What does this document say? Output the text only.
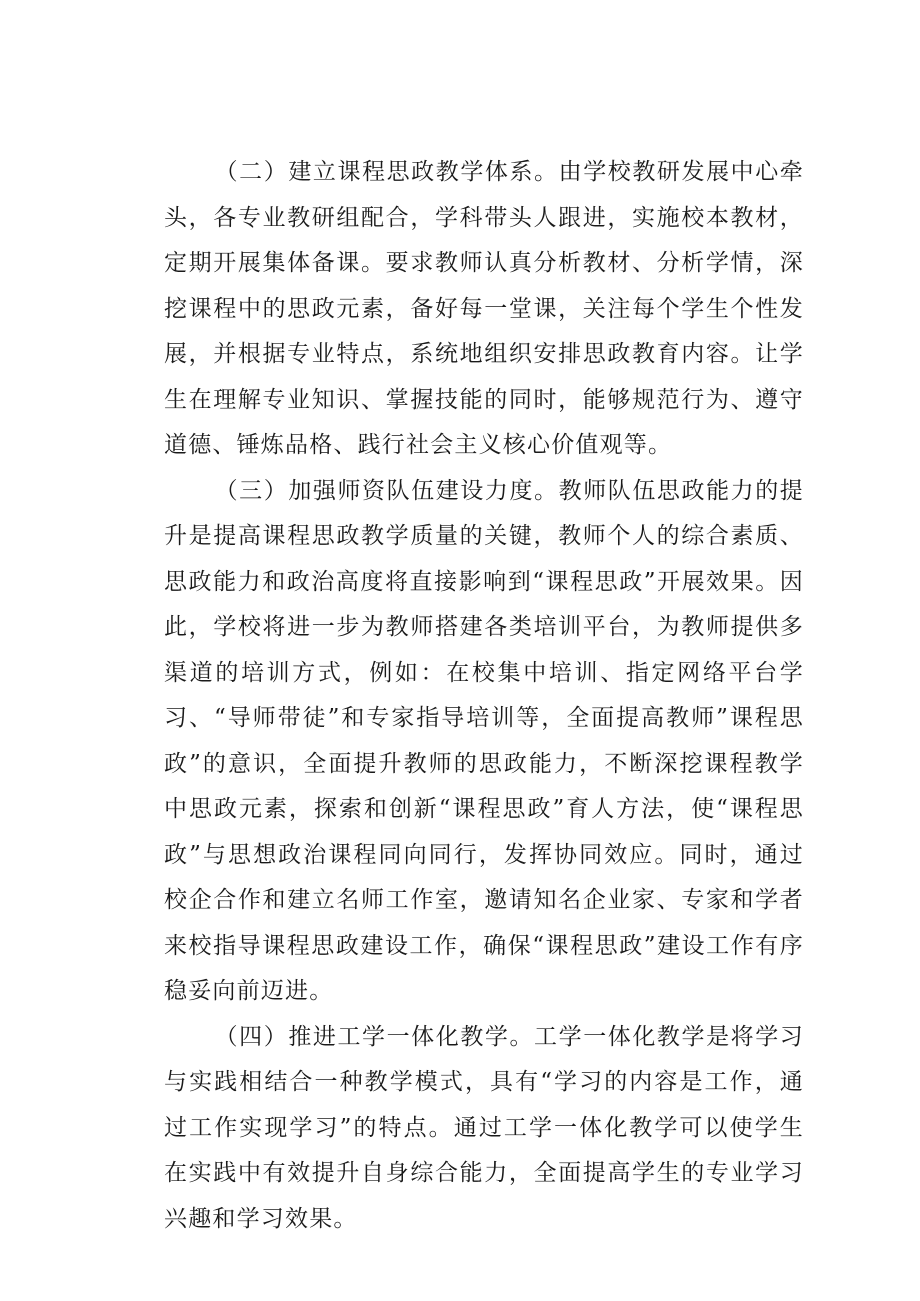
（二）建立课程思政教学体系。由学校教研发展中心牵头，各专业教研组配合，学科带头人跟进，实施校本教材，定期开展集体备课。要求教师认真分析教材、分析学情，深挖课程中的思政元素，备好每一堂课，关注每个学生个性发展，并根据专业特点，系统地组织安排思政教育内容。让学生在理解专业知识、掌握技能的同时，能够规范行为、遵守道德、锤炼品格、践行社会主义核心价值观等。

（三）加强师资队伍建设力度。教师队伍思政能力的提升是提高课程思政教学质量的关键，教师个人的综合素质、思政能力和政治高度将直接影响到“课程思政”开展效果。因此，学校将进一步为教师搭建各类培训平台，为教师提供多渠道的培训方式，例如：在校集中培训、指定网络平台学习、“导师带徒”和专家指导培训等，全面提高教师”课程思政”的意识，全面提升教师的思政能力，不断深挖课程教学中思政元素，探索和创新“课程思政”育人方法，使“课程思政”与思想政治课程同向同行，发挥协同效应。同时，通过校企合作和建立名师工作室，邀请知名企业家、专家和学者来校指导课程思政建设工作，确保“课程思政”建设工作有序稳妥向前迈进。

（四）推进工学一体化教学。工学一体化教学是将学习与实践相结合一种教学模式，具有“学习的内容是工作，通过工作实现学习”的特点。通过工学一体化教学可以使学生在实践中有效提升自身综合能力，全面提高学生的专业学习兴趣和学习效果。
